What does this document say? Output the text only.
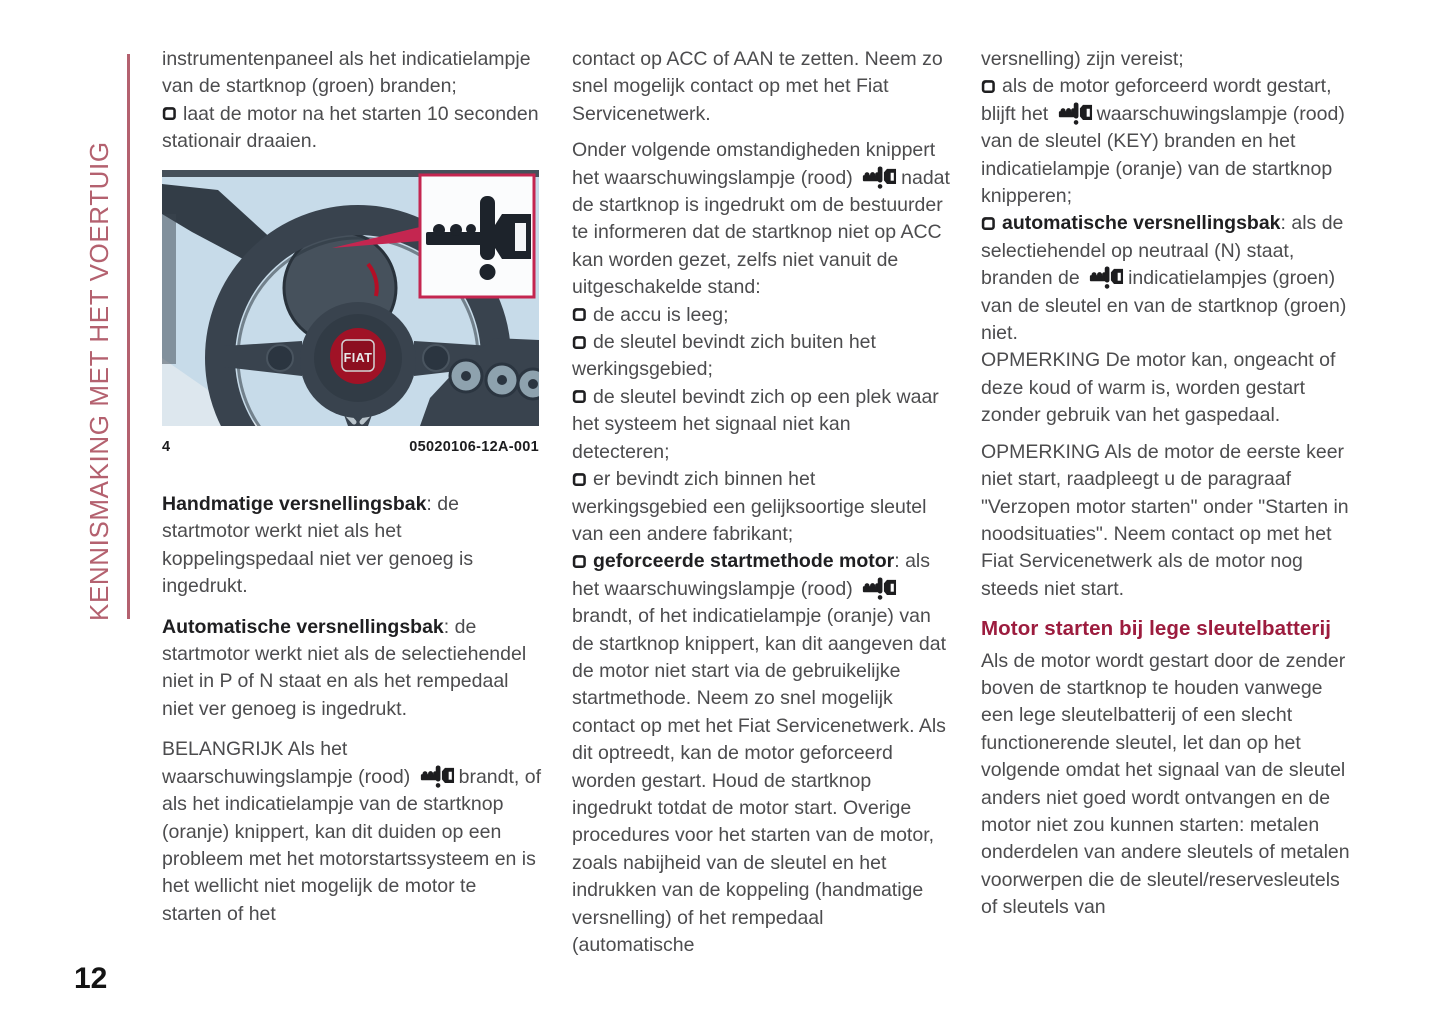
KENNISMAKING MET HET VOERTUIG
12

instrumentenpaneel als het indicatielampje van de startknop (groen) branden;

laat de motor na het starten 10 seconden stationair draaien.

FIAT
4	05020106-12A-001

Handmatige versnellingsbak: de startmotor werkt niet als het koppelingspedaal niet ver genoeg is ingedrukt.

Automatische versnellingsbak: de startmotor werkt niet als de selectiehendel niet in P of N staat en als het rempedaal niet ver genoeg is ingedrukt.

BELANGRIJK Als het waarschuwingslampje (rood) brandt, of als het indicatielampje van de startknop (oranje) knippert, kan dit duiden op een probleem met het motorstartssysteem en is het wellicht niet mogelijk de motor te starten of het

contact op ACC of AAN te zetten. Neem zo snel mogelijk contact op met het Fiat Servicenetwerk.

Onder volgende omstandigheden knippert het waarschuwingslampje (rood) nadat de startknop is ingedrukt om de bestuurder te informeren dat de startknop niet op ACC kan worden gezet, zelfs niet vanuit de uitgeschakelde stand:

de accu is leeg;

de sleutel bevindt zich buiten het werkingsgebied;

de sleutel bevindt zich op een plek waar het systeem het signaal niet kan detecteren;

er bevindt zich binnen het werkingsgebied een gelijksoortige sleutel van een andere fabrikant;

geforceerde startmethode motor: als het waarschuwingslampje (rood) brandt, of het indicatielampje (oranje) van de startknop knippert, kan dit aangeven dat de motor niet start via de gebruikelijke startmethode. Neem zo snel mogelijk contact op met het Fiat Servicenetwerk. Als dit optreedt, kan de motor geforceerd worden gestart. Houd de startknop ingedrukt totdat de motor start. Overige procedures voor het starten van de motor, zoals nabijheid van de sleutel en het indrukken van de koppeling (handmatige versnelling) of het rempedaal (automatische

versnelling) zijn vereist;

als de motor geforceerd wordt gestart, blijft het waarschuwingslampje (rood) van de sleutel (KEY) branden en het indicatielampje (oranje) van de startknop knipperen;

automatische versnellingsbak: als de selectiehendel op neutraal (N) staat, branden de indicatielampjes (groen) van de sleutel en van de startknop (groen) niet.

OPMERKING De motor kan, ongeacht of deze koud of warm is, worden gestart zonder gebruik van het gaspedaal.

OPMERKING Als de motor de eerste keer niet start, raadpleegt u de paragraaf "Verzopen motor starten" onder "Starten in noodsituaties". Neem contact op met het Fiat Servicenetwerk als de motor nog steeds niet start.

Motor starten bij lege sleutelbatterij

Als de motor wordt gestart door de zender boven de startknop te houden vanwege een lege sleutelbatterij of een slecht functionerende sleutel, let dan op het volgende omdat het signaal van de sleutel anders niet goed wordt ontvangen en de motor niet zou kunnen starten: metalen onderdelen van andere sleutels of metalen voorwerpen die de sleutel/reservesleutels of sleutels van
